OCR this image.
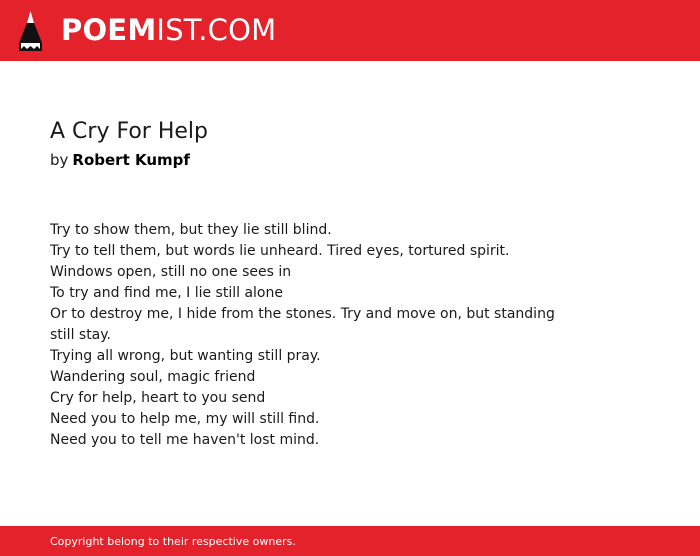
POEMIST.COM
A Cry For Help
by Robert Kumpf
Try to show them, but they lie still blind.
Try to tell them, but words lie unheard. Tired eyes, tortured spirit.
Windows open, still no one sees in
To try and find me, I lie still alone
Or to destroy me, I hide from the stones. Try and move on, but standing
still stay.
Trying all wrong, but wanting still pray.
Wandering soul, magic friend
Cry for help, heart to you send
Need you to help me, my will still find.
Need you to tell me haven't lost mind.
Copyright belong to their respective owners.
